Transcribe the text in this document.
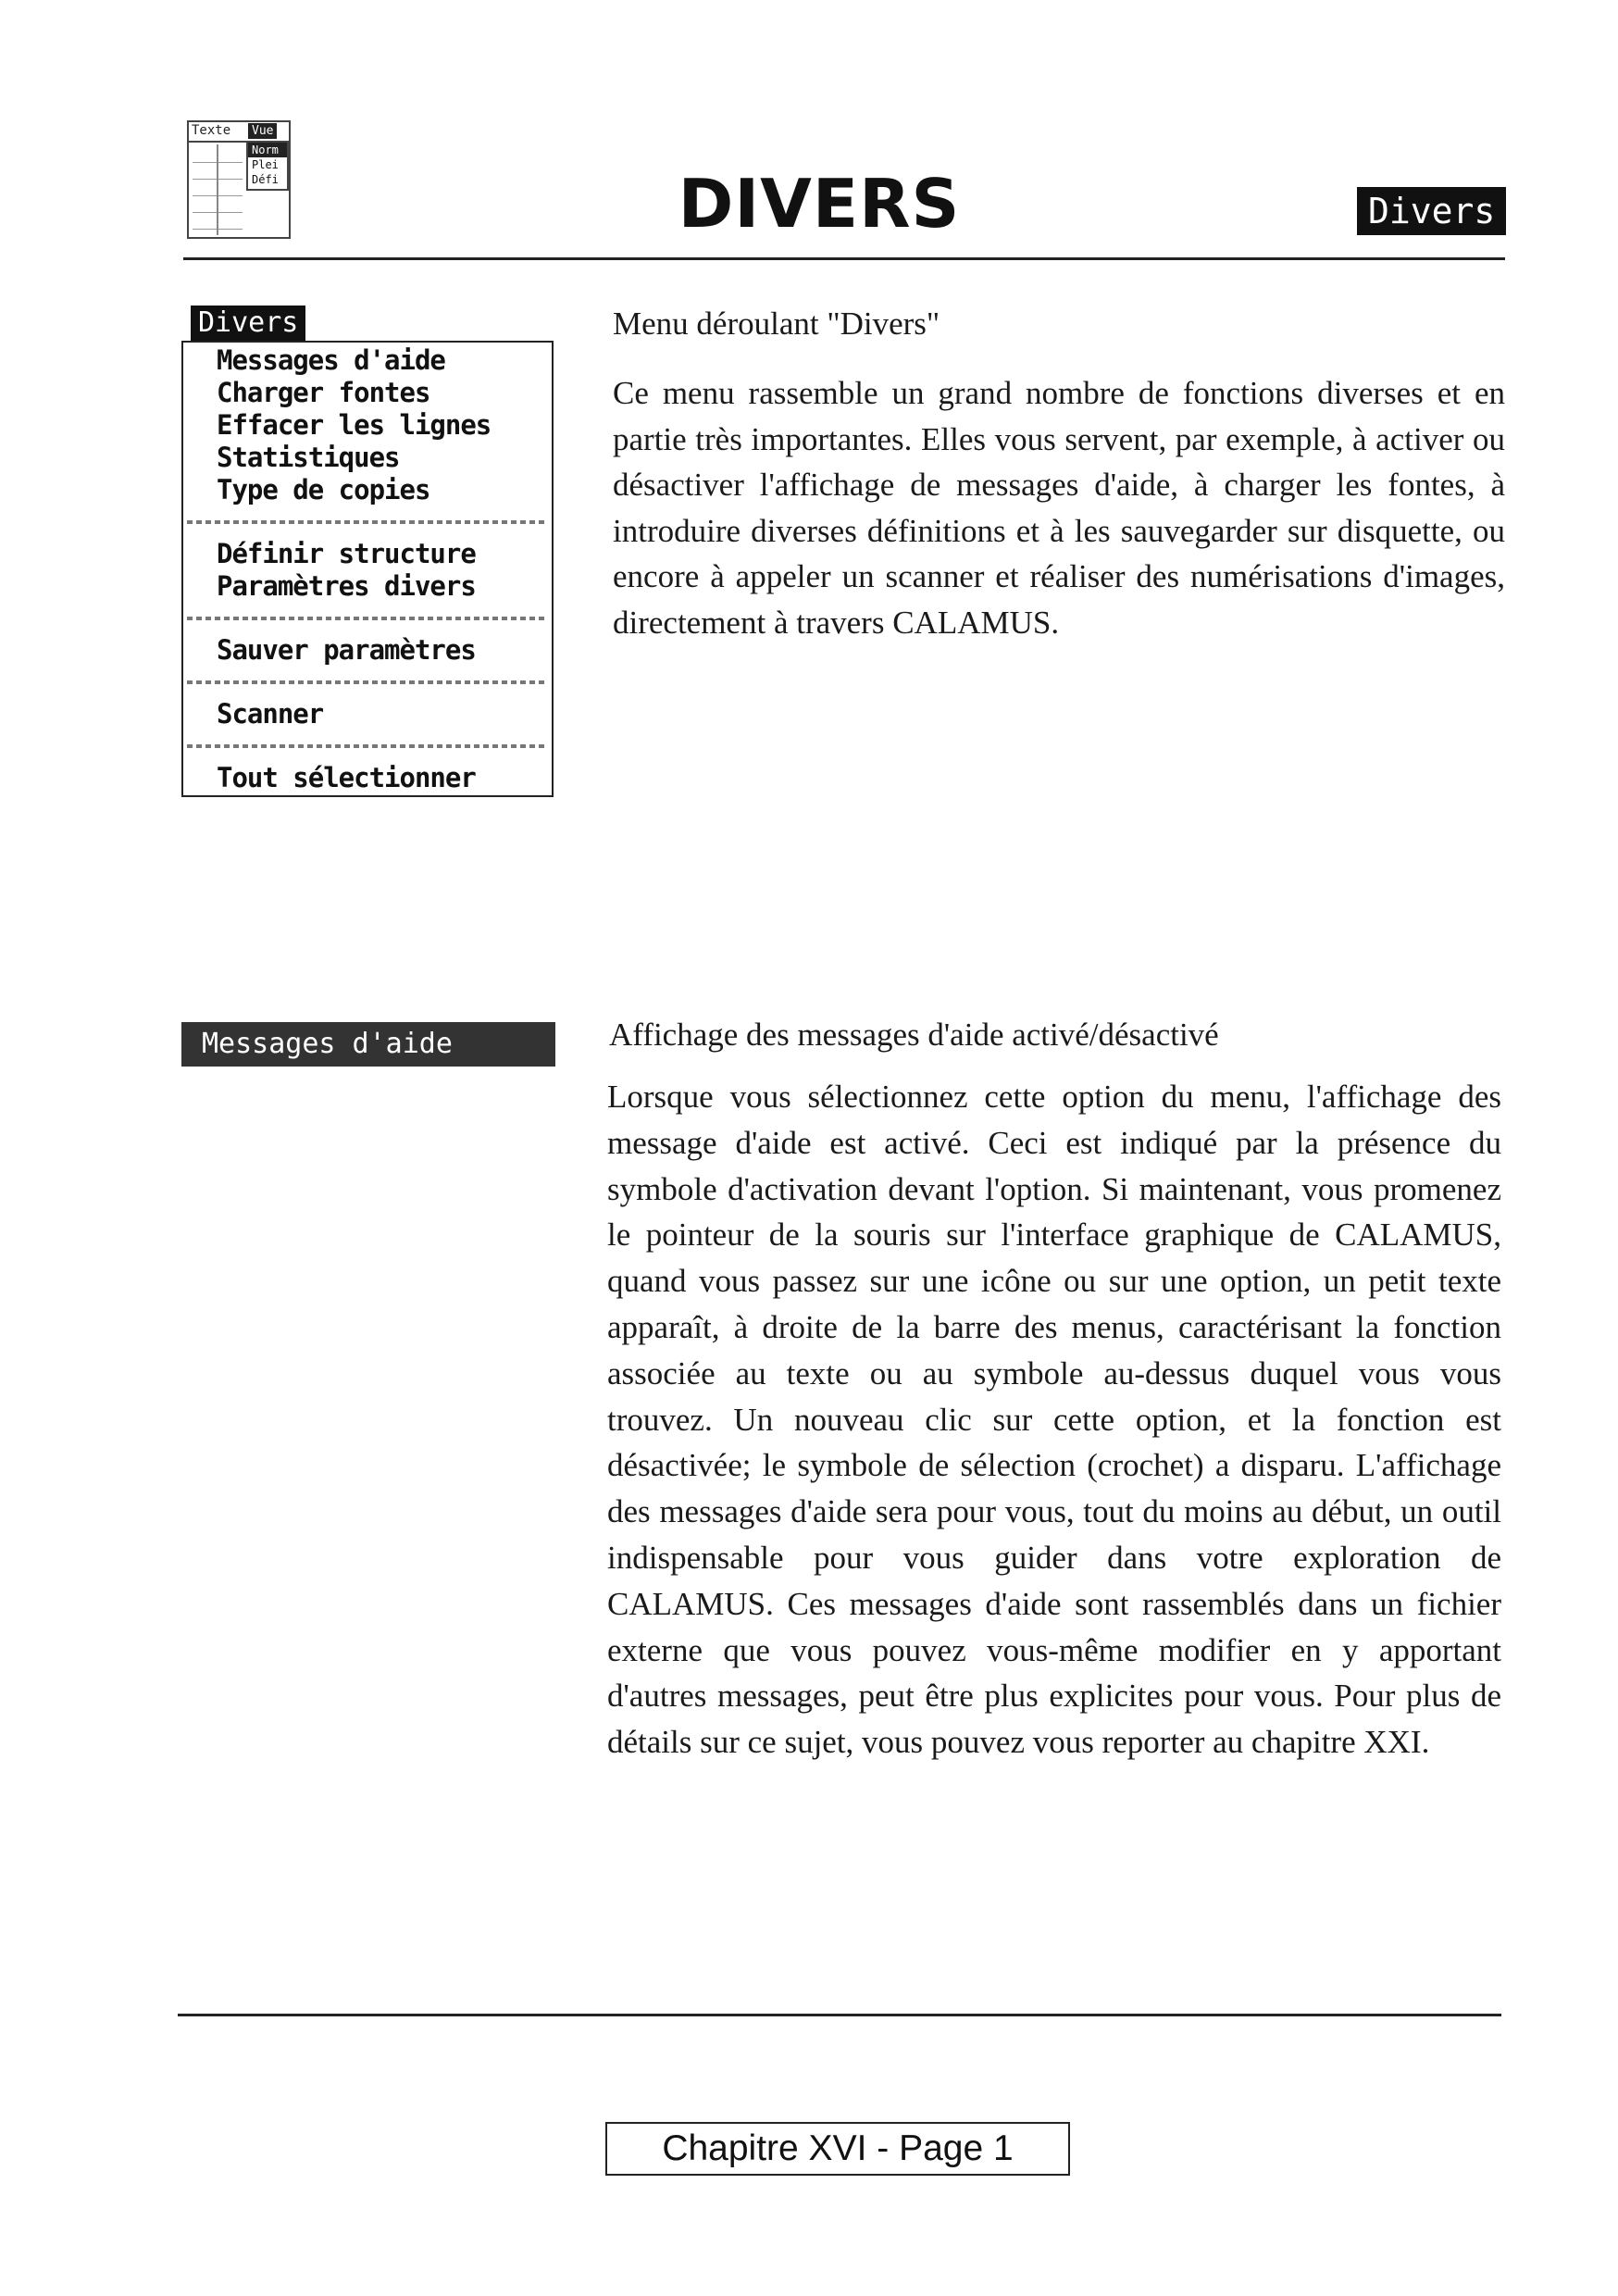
Texte	Vue
Norm
Plei
Défi	DIVERS	Divers
Divers
Messages d'aide
Charger fontes
Effacer les lignes
Statistiques
Type de copies
Définir structure
Paramètres divers
Sauver paramètres
Scanner
Tout sélectionner
Menu déroulant "Divers"
Ce menu rassemble un grand nombre de fonctions diverses et en partie très importantes. Elles vous servent, par exemple, à activer ou désactiver l'affichage de messages d'aide, à charger les fontes, à introduire diverses définitions et à les sauvegarder sur disquette, ou encore à appeler un scanner et réaliser des numérisations d'images, directement à travers CALAMUS.
Messages d'aide	Affichage des messages d'aide activé/désactivé
Lorsque vous sélectionnez cette option du menu, l'affichage des message d'aide est activé. Ceci est indiqué par la présence du symbole d'activation devant l'option. Si maintenant, vous promenez le pointeur de la souris sur l'interface graphique de CALAMUS, quand vous passez sur une icône ou sur une option, un petit texte apparaît, à droite de la barre des menus, caractérisant la fonction associée au texte ou au symbole au-dessus duquel vous vous trouvez. Un nouveau clic sur cette option, et la fonction est désactivée; le symbole de sélection (crochet) a disparu. L'affichage des messages d'aide sera pour vous, tout du moins au début, un outil indispensable pour vous guider dans votre exploration de CALAMUS. Ces messages d'aide sont rassemblés dans un fichier externe que vous pouvez vous-même modifier en y apportant d'autres messages, peut être plus explicites pour vous. Pour plus de détails sur ce sujet, vous pouvez vous reporter au chapitre XXI.
Chapitre XVI - Page 1
